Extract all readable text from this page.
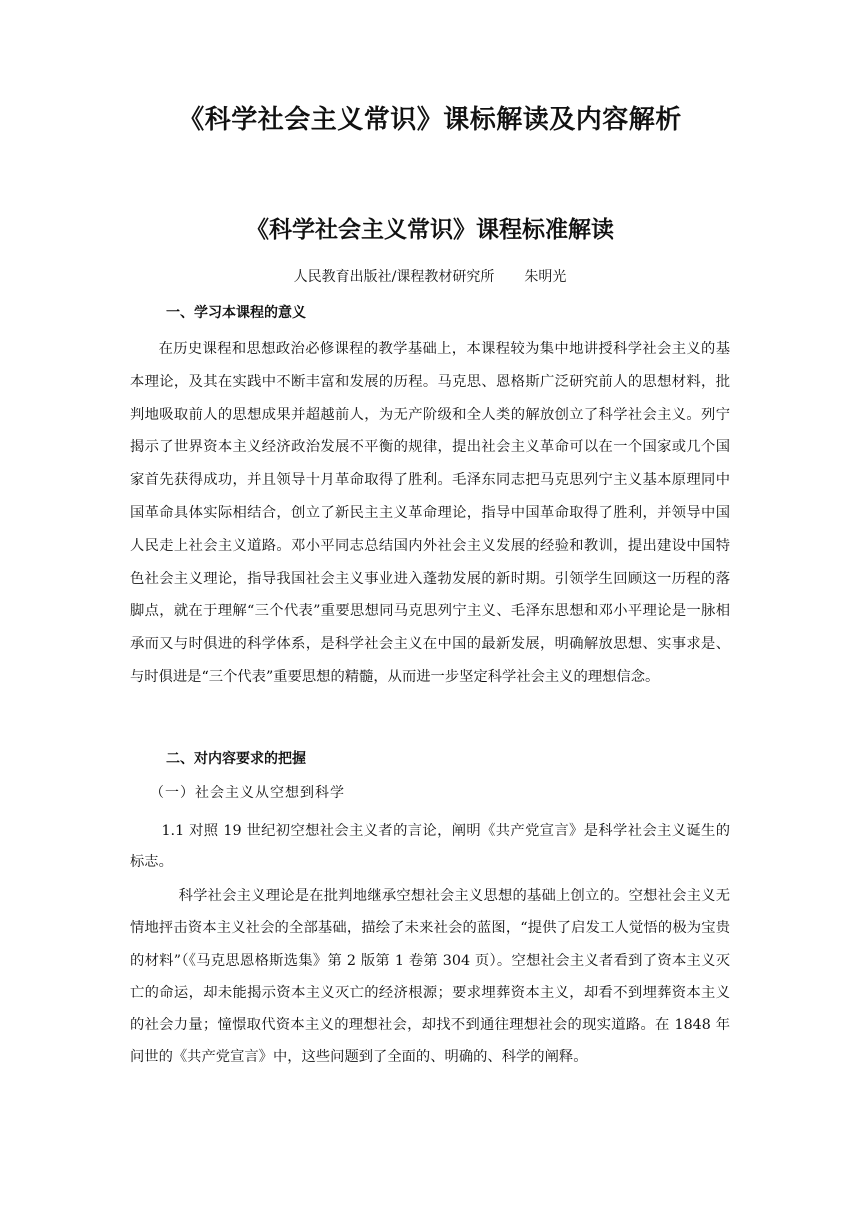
《科学社会主义常识》课标解读及内容解析
《科学社会主义常识》课程标准解读
人民教育出版社/课程教材研究所 朱明光
一、学习本课程的意义

在历史课程和思想政治必修课程的教学基础上，本课程较为集中地讲授科学社会主义的基本理论，及其在实践中不断丰富和发展的历程。马克思、恩格斯广泛研究前人的思想材料，批判地吸取前人的思想成果并超越前人，为无产阶级和全人类的解放创立了科学社会主义。列宁揭示了世界资本主义经济政治发展不平衡的规律，提出社会主义革命可以在一个国家或几个国家首先获得成功，并且领导十月革命取得了胜利。毛泽东同志把马克思列宁主义基本原理同中国革命具体实际相结合，创立了新民主主义革命理论，指导中国革命取得了胜利，并领导中国人民走上社会主义道路。邓小平同志总结国内外社会主义发展的经验和教训，提出建设中国特色社会主义理论，指导我国社会主义事业进入蓬勃发展的新时期。引领学生回顾这一历程的落脚点，就在于理解“三个代表”重要思想同马克思列宁主义、毛泽东思想和邓小平理论是一脉相承而又与时俱进的科学体系，是科学社会主义在中国的最新发展，明确解放思想、实事求是、与时俱进是“三个代表”重要思想的精髓，从而进一步坚定科学社会主义的理想信念。

二、对内容要求的把握
（一）社会主义从空想到科学

1.1 对照 19 世纪初空想社会主义者的言论，阐明《共产党宣言》是科学社会主义诞生的标志。

科学社会主义理论是在批判地继承空想社会主义思想的基础上创立的。空想社会主义无情地抨击资本主义社会的全部基础，描绘了未来社会的蓝图，“提供了启发工人觉悟的极为宝贵的材料”（《马克思恩格斯选集》第 2 版第 1 卷第 304 页）。空想社会主义者看到了资本主义灭亡的命运，却未能揭示资本主义灭亡的经济根源；要求埋葬资本主义，却看不到埋葬资本主义的社会力量；憧憬取代资本主义的理想社会，却找不到通往理想社会的现实道路。在 1848 年问世的《共产党宣言》中，这些问题到了全面的、明确的、科学的阐释。
